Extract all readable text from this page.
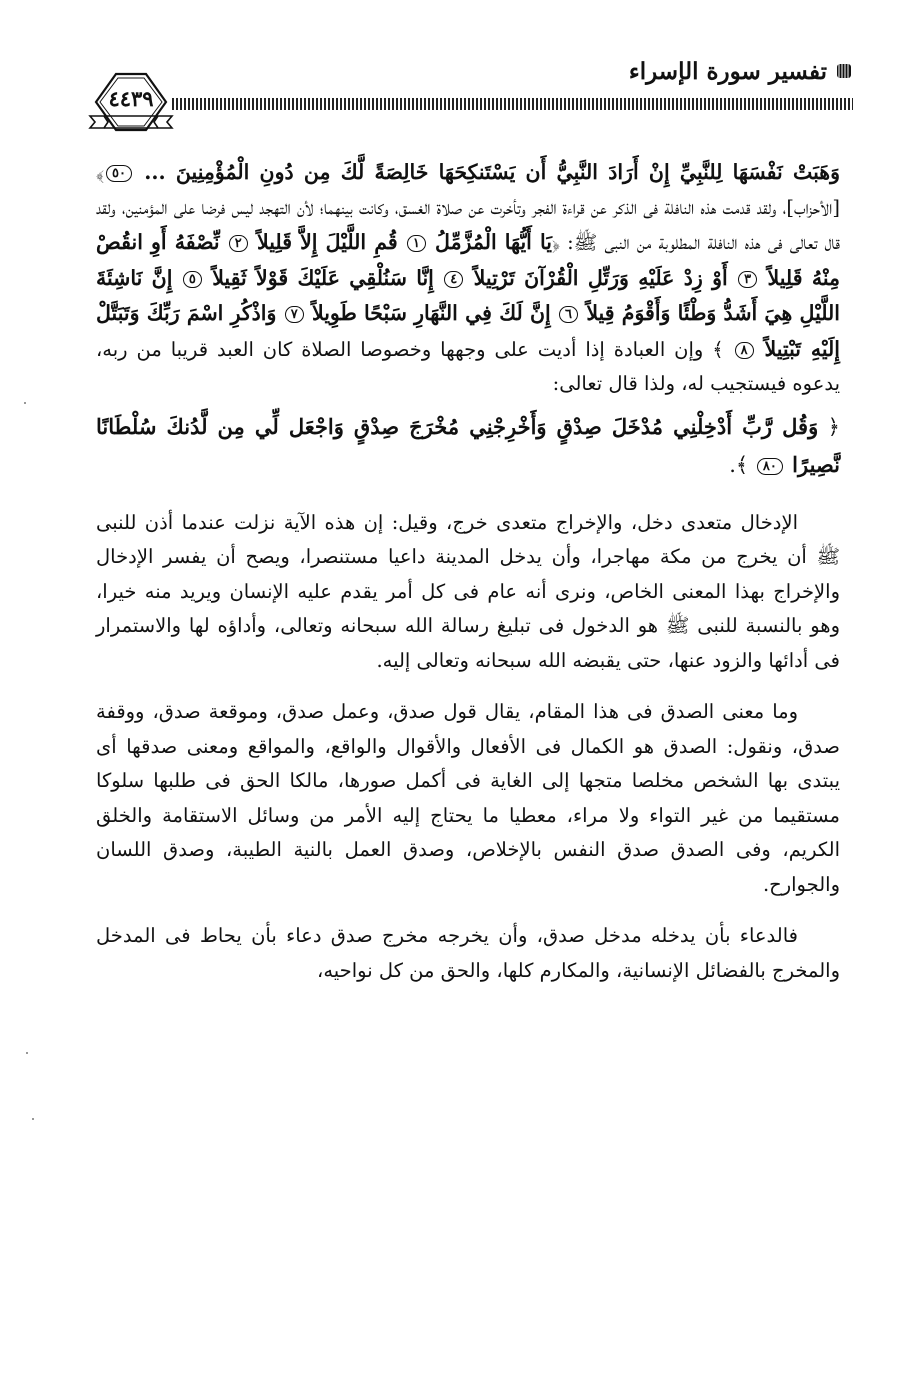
تفسير سورة الإسراء
٤٤٣٩

وَهَبَتْ نَفْسَهَا لِلنَّبِيِّ إِنْ أَرَادَ النَّبِيُّ أَن يَسْتَنكِحَهَا خَالِصَةً لَّكَ مِن دُونِ الْمُؤْمِنِينَ ... ٥٠﴾ [الأحزاب]، ولقد قدمت هذه النافلة فى الذكر عن قراءة الفجر وتأخرت عن صلاة الغسق، وكانت بينهما؛ لأن التهجد ليس فرضا على المؤمنين، ولقد قال تعالى فى هذه النافلة المطلوبة من النبى ﷺ: ﴿يَا أَيُّهَا الْمُزَّمِّلُ ١ قُمِ اللَّيْلَ إِلاَّ قَلِيلاً ٢ نِّصْفَهُ أَوِ انقُصْ مِنْهُ قَلِيلاً ٣ أَوْ زِدْ عَلَيْهِ وَرَتِّلِ الْقُرْآنَ تَرْتِيلاً ٤ إِنَّا سَنُلْقِي عَلَيْكَ قَوْلاً ثَقِيلاً ٥ إِنَّ نَاشِئَةَ اللَّيْلِ هِيَ أَشَدُّ وَطْئًا وَأَقْوَمُ قِيلاً ٦ إِنَّ لَكَ فِي النَّهَارِ سَبْحًا طَوِيلاً ٧ وَاذْكُرِ اسْمَ رَبِّكَ وَتَبَتَّلْ إِلَيْهِ تَبْتِيلاً ٨ ﴾ وإن العبادة إذا أديت على وجهها وخصوصا الصلاة كان العبد قريبا من ربه، يدعوه فيستجيب له، ولذا قال تعالى:

﴿ وَقُل رَّبِّ أَدْخِلْنِي مُدْخَلَ صِدْقٍ وَأَخْرِجْنِي مُخْرَجَ صِدْقٍ وَاجْعَل لِّي مِن لَّدُنكَ سُلْطَانًا نَّصِيرًا ٨٠ ﴾.

الإدخال متعدى دخل، والإخراج متعدى خرج، وقيل: إن هذه الآية نزلت عندما أذن للنبى ﷺ أن يخرج من مكة مهاجرا، وأن يدخل المدينة داعيا مستنصرا، ويصح أن يفسر الإدخال والإخراج بهذا المعنى الخاص، ونرى أنه عام فى كل أمر يقدم عليه الإنسان ويريد منه خيرا، وهو بالنسبة للنبى ﷺ هو الدخول فى تبليغ رسالة الله سبحانه وتعالى، وأداؤه لها والاستمرار فى أدائها والزود عنها، حتى يقبضه الله سبحانه وتعالى إليه.

وما معنى الصدق فى هذا المقام، يقال قول صدق، وعمل صدق، وموقعة صدق، ووقفة صدق، ونقول: الصدق هو الكمال فى الأفعال والأقوال والواقع، والمواقع ومعنى صدقها أى يبتدى بها الشخص مخلصا متجها إلى الغاية فى أكمل صورها، مالكا الحق فى طلبها سلوكا مستقيما من غير التواء ولا مراء، معطيا ما يحتاج إليه الأمر من وسائل الاستقامة والخلق الكريم، وفى الصدق صدق النفس بالإخلاص، وصدق العمل بالنية الطيبة، وصدق اللسان والجوارح.

فالدعاء بأن يدخله مدخل صدق، وأن يخرجه مخرج صدق دعاء بأن يحاط فى المدخل والمخرج بالفضائل الإنسانية، والمكارم كلها، والحق من كل نواحيه،
